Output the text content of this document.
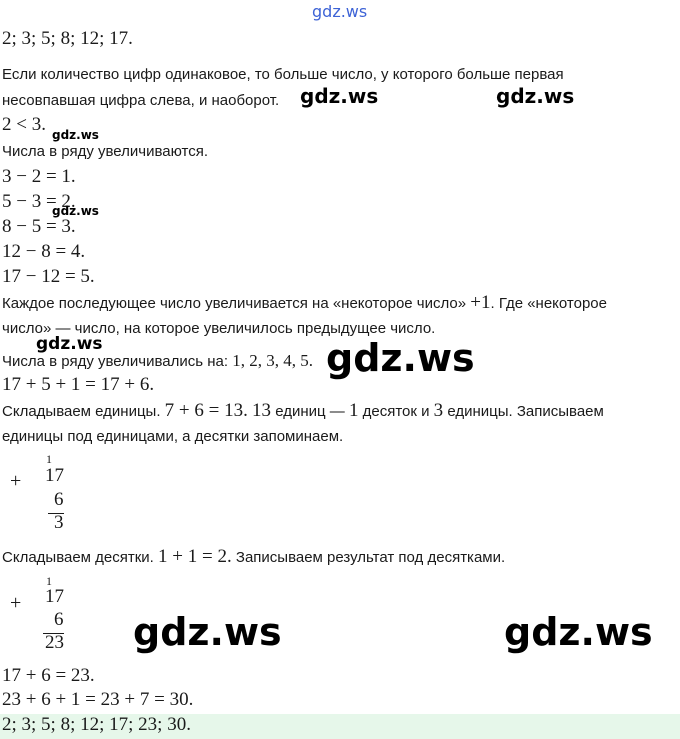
gdz.ws
2; 3; 5; 8; 12; 17.
Если количество цифр одинаковое, то больше число, у которого больше первая
несовпавшая цифра слева, и наоборот.
2 < 3.
Числа в ряду увеличиваются.
3 − 2 = 1.
5 − 3 = 2.
8 − 5 = 3.
12 − 8 = 4.
17 − 12 = 5.
Каждое последующее число увеличивается на «некоторое число» +1. Где «некоторое
число» — число, на которое увеличилось предыдущее число.
Числа в ряду увеличивались на: 1, 2, 3, 4, 5.
17 + 5 + 1 = 17 + 6.
Складываем единицы. 7 + 6 = 13. 13 единиц — 1 десяток и 3 единицы. Записываем
единицы под единицами, а десятки запоминаем.
+
1
17
6
3
Складываем десятки. 1 + 1 = 2. Записываем результат под десятками.
+
1
17
6
23
17 + 6 = 23.
23 + 6 + 1 = 23 + 7 = 30.
2; 3; 5; 8; 12; 17; 23; 30.
gdz.ws	gdz.ws
gdz.ws
gdz.ws
gdz.ws	gdz.ws
gdz.ws	gdz.ws
